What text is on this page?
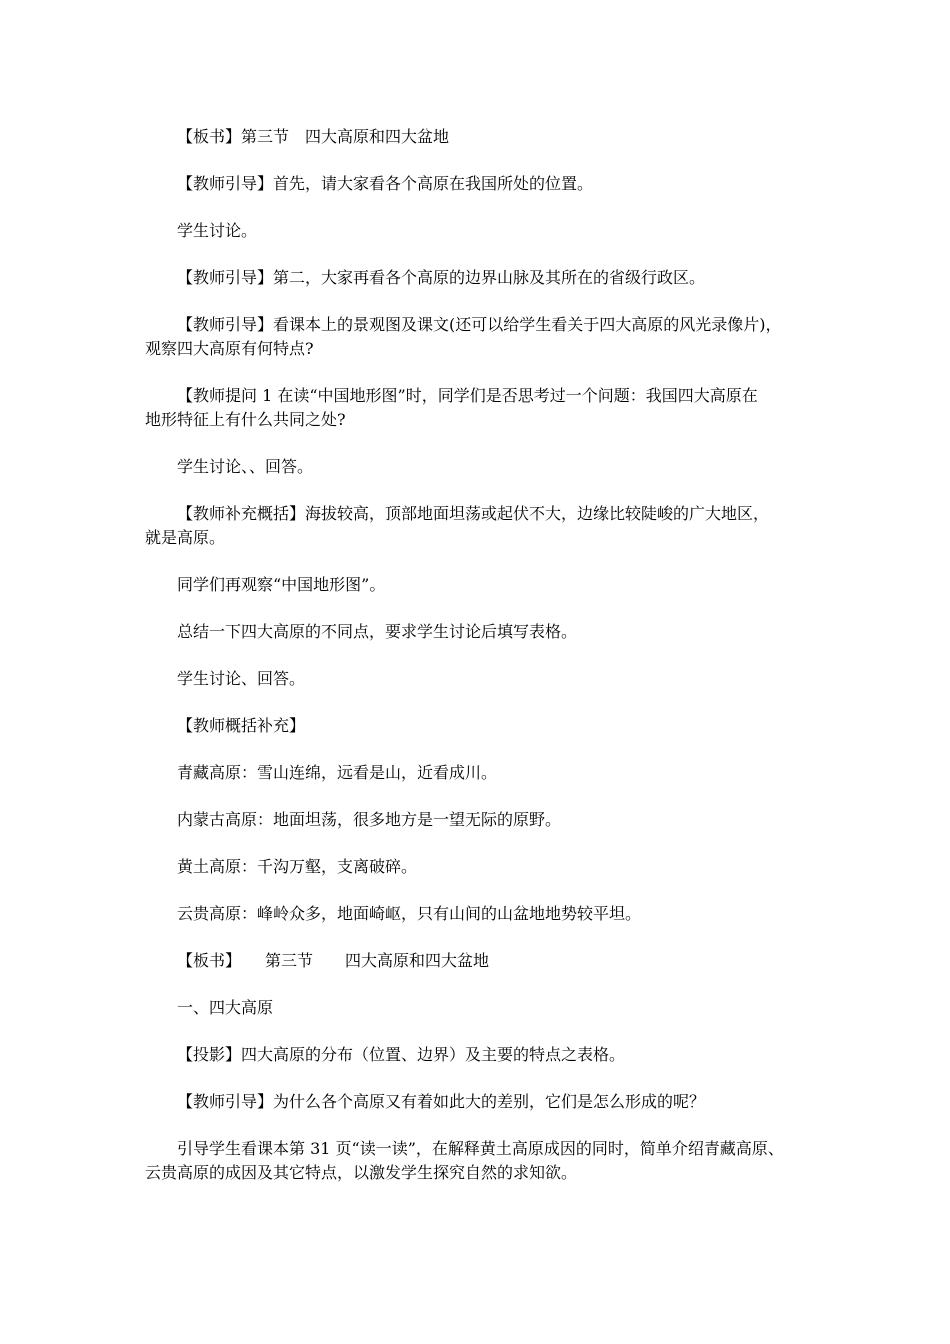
【板书】第三节　四大高原和四大盆地
【教师引导】首先，请大家看各个高原在我国所处的位置。
学生讨论。
【教师引导】第二，大家再看各个高原的边界山脉及其所在的省级行政区。
【教师引导】看课本上的景观图及课文(还可以给学生看关于四大高原的风光录像片)，
观察四大高原有何特点?
【教师提问 1 在读“中国地形图”时，同学们是否思考过一个问题：我国四大高原在
地形特征上有什么共同之处?
学生讨论、、回答。
【教师补充概括】海拔较高，顶部地面坦荡或起伏不大，边缘比较陡峻的广大地区，
就是高原。
同学们再观察“中国地形图”。
总结一下四大高原的不同点，要求学生讨论后填写表格。
学生讨论、回答。
【教师概括补充】
青藏高原：雪山连绵，远看是山，近看成川。
内蒙古高原：地面坦荡，很多地方是一望无际的原野。
黄土高原：千沟万壑，支离破碎。
云贵高原：峰岭众多，地面崎岖，只有山间的山盆地地势较平坦。
【板书】　　第三节　　四大高原和四大盆地
一、四大高原
【投影】四大高原的分布（位置、边界）及主要的特点之表格。
【教师引导】为什么各个高原又有着如此大的差别，它们是怎么形成的呢？
引导学生看课本第 31 页“读一读”，在解释黄土高原成因的同时，简单介绍青藏高原、
云贵高原的成因及其它特点，以激发学生探究自然的求知欲。
